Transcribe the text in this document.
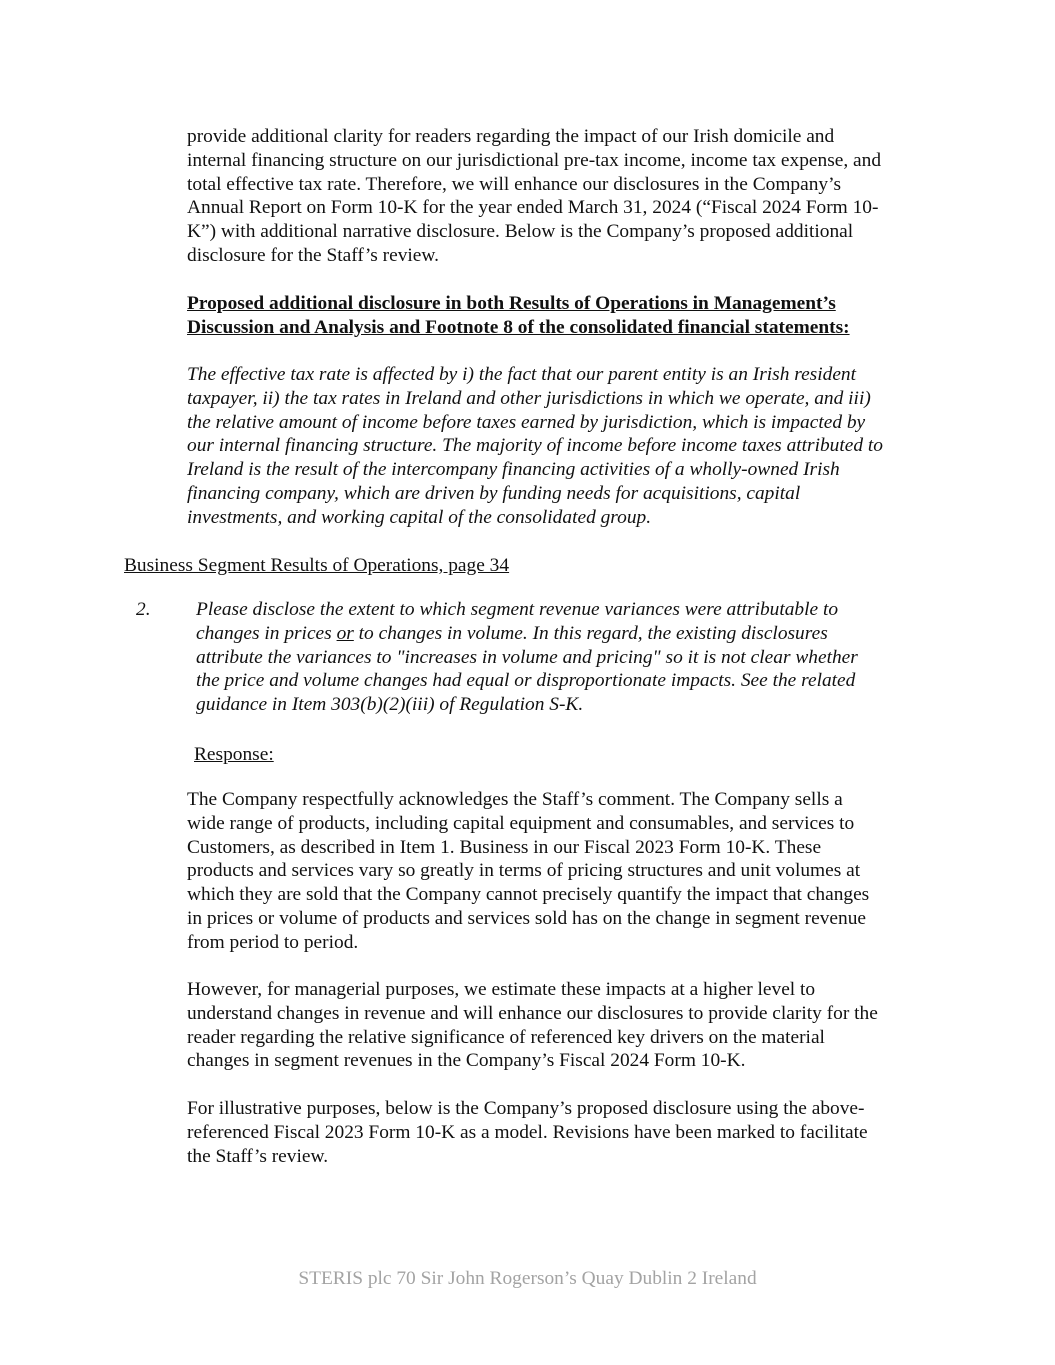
provide additional clarity for readers regarding the impact of our Irish domicile and
internal financing structure on our jurisdictional pre-tax income, income tax expense, and
total effective tax rate. Therefore, we will enhance our disclosures in the Company’s
Annual Report on Form 10-K for the year ended March 31, 2024 (“Fiscal 2024 Form 10-
K”) with additional narrative disclosure. Below is the Company’s proposed additional
disclosure for the Staff’s review.
Proposed additional disclosure in both Results of Operations in Management’s
Discussion and Analysis and Footnote 8 of the consolidated financial statements:
The effective tax rate is affected by i) the fact that our parent entity is an Irish resident
taxpayer, ii) the tax rates in Ireland and other jurisdictions in which we operate, and iii)
the relative amount of income before taxes earned by jurisdiction, which is impacted by
our internal financing structure. The majority of income before income taxes attributed to
Ireland is the result of the intercompany financing activities of a wholly-owned Irish
financing company, which are driven by funding needs for acquisitions, capital
investments, and working capital of the consolidated group.
Business Segment Results of Operations, page 34
2. Please disclose the extent to which segment revenue variances were attributable to
changes in prices or to changes in volume. In this regard, the existing disclosures
attribute the variances to "increases in volume and pricing" so it is not clear whether
the price and volume changes had equal or disproportionate impacts. See the related
guidance in Item 303(b)(2)(iii) of Regulation S-K.
Response:
The Company respectfully acknowledges the Staff’s comment. The Company sells a
wide range of products, including capital equipment and consumables, and services to
Customers, as described in Item 1. Business in our Fiscal 2023 Form 10-K. These
products and services vary so greatly in terms of pricing structures and unit volumes at
which they are sold that the Company cannot precisely quantify the impact that changes
in prices or volume of products and services sold has on the change in segment revenue
from period to period.
However, for managerial purposes, we estimate these impacts at a higher level to
understand changes in revenue and will enhance our disclosures to provide clarity for the
reader regarding the relative significance of referenced key drivers on the material
changes in segment revenues in the Company’s Fiscal 2024 Form 10-K.
For illustrative purposes, below is the Company’s proposed disclosure using the above-
referenced Fiscal 2023 Form 10-K as a model. Revisions have been marked to facilitate
the Staff’s review.
STERIS plc 70 Sir John Rogerson’s Quay Dublin 2 Ireland
